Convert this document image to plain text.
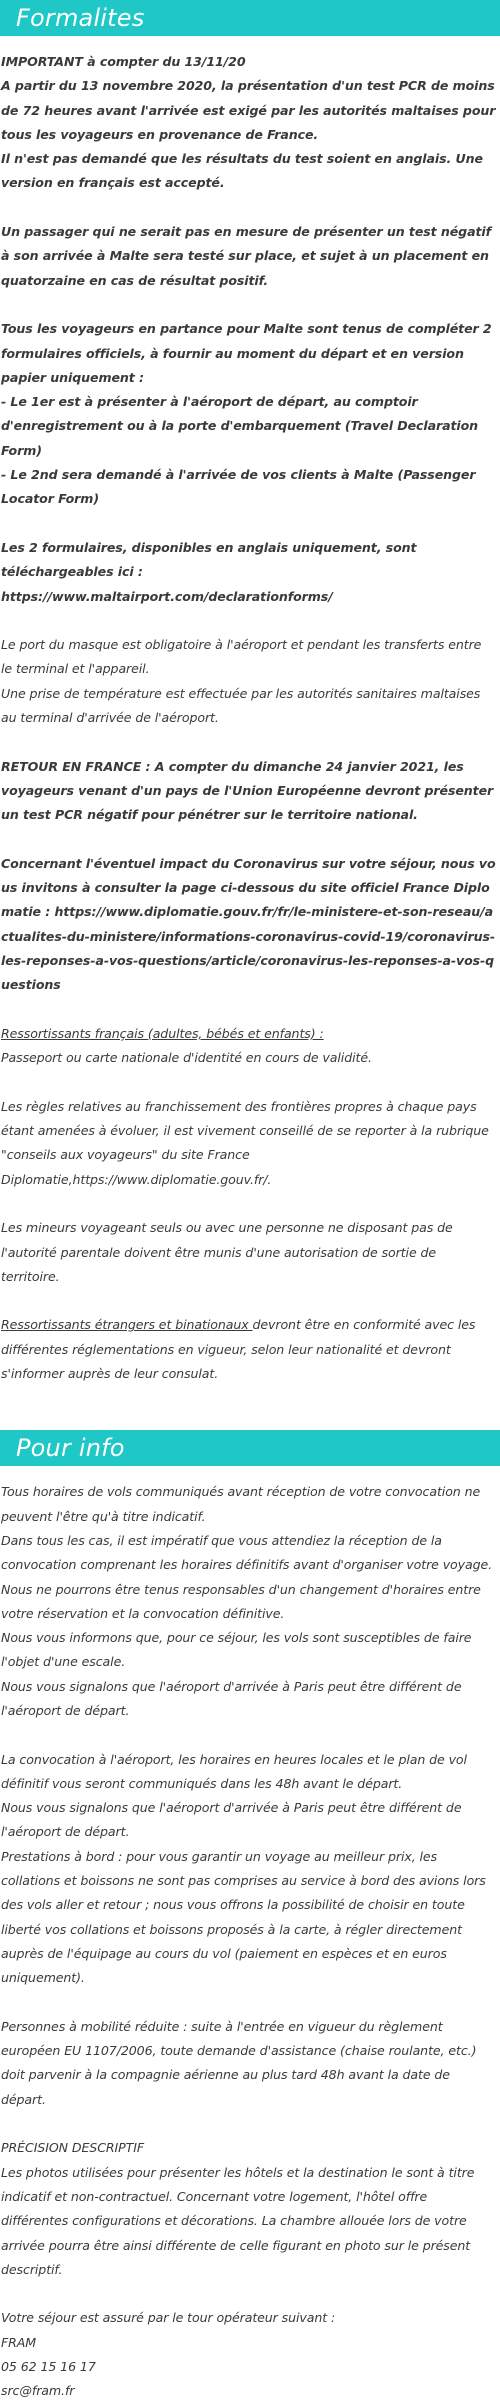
Formalites
IMPORTANT à compter du 13/11/20
A partir du 13 novembre 2020, la présentation d'un test PCR de moins de 72 heures avant l'arrivée est exigé par les autorités maltaises pour tous les voyageurs en provenance de France.
Il n'est pas demandé que les résultats du test soient en anglais. Une version en français est accepté.
Un passager qui ne serait pas en mesure de présenter un test négatif à son arrivée à Malte sera testé sur place, et sujet à un placement en quatorzaine en cas de résultat positif.
Tous les voyageurs en partance pour Malte sont tenus de compléter 2 formulaires officiels, à fournir au moment du départ et en version papier uniquement :
- Le 1er est à présenter à l'aéroport de départ, au comptoir d'enregistrement ou à la porte d'embarquement (Travel Declaration Form)
- Le 2nd sera demandé à l'arrivée de vos clients à Malte (Passenger Locator Form)
Les 2 formulaires, disponibles en anglais uniquement, sont téléchargeables ici :
https://www.maltairport.com/declarationforms/
Le port du masque est obligatoire à l'aéroport et pendant les transferts entre le terminal et l'appareil.
Une prise de température est effectuée par les autorités sanitaires maltaises au terminal d'arrivée de l'aéroport.
RETOUR EN FRANCE : A compter du dimanche 24 janvier 2021, les voyageurs venant d'un pays de l'Union Européenne devront présenter un test PCR négatif pour pénétrer sur le territoire national.
Concernant l'éventuel impact du Coronavirus sur votre séjour, nous vous invitons à consulter la page ci-dessous du site officiel France Diplomatie : https://www.diplomatie.gouv.fr/fr/le-ministere-et-son-reseau/actualites-du-ministere/informations-coronavirus-covid-19/coronavirus-les-reponses-a-vos-questions/article/coronavirus-les-reponses-a-vos-questions
Ressortissants français (adultes, bébés et enfants) :
Passeport ou carte nationale d'identité en cours de validité.
Les règles relatives au franchissement des frontières propres à chaque pays étant amenées à évoluer, il est vivement conseillé de se reporter à la rubrique "conseils aux voyageurs" du site France Diplomatie,https://www.diplomatie.gouv.fr/.
Les mineurs voyageant seuls ou avec une personne ne disposant pas de l'autorité parentale doivent être munis d'une autorisation de sortie de territoire.
Ressortissants étrangers et binationaux devront être en conformité avec les différentes réglementations en vigueur, selon leur nationalité et devront s'informer auprès de leur consulat.
Pour info
Tous horaires de vols communiqués avant réception de votre convocation ne peuvent l'être qu'à titre indicatif.
Dans tous les cas, il est impératif que vous attendiez la réception de la convocation comprenant les horaires définitifs avant d'organiser votre voyage.
Nous ne pourrons être tenus responsables d'un changement d'horaires entre votre réservation et la convocation définitive.
Nous vous informons que, pour ce séjour, les vols sont susceptibles de faire l'objet d'une escale.
Nous vous signalons que l'aéroport d'arrivée à Paris peut être différent de l'aéroport de départ.
La convocation à l'aéroport, les horaires en heures locales et le plan de vol définitif vous seront communiqués dans les 48h avant le départ.
Nous vous signalons que l'aéroport d'arrivée à Paris peut être différent de l'aéroport de départ.
Prestations à bord : pour vous garantir un voyage au meilleur prix, les collations et boissons ne sont pas comprises au service à bord des avions lors des vols aller et retour ; nous vous offrons la possibilité de choisir en toute liberté vos collations et boissons proposés à la carte, à régler directement auprès de l'équipage au cours du vol (paiement en espèces et en euros uniquement).
Personnes à mobilité réduite : suite à l'entrée en vigueur du règlement européen EU 1107/2006, toute demande d'assistance (chaise roulante, etc.) doit parvenir à la compagnie aérienne au plus tard 48h avant la date de départ.
PRÉCISION DESCRIPTIF
Les photos utilisées pour présenter les hôtels et la destination le sont à titre indicatif et non-contractuel. Concernant votre logement, l'hôtel offre différentes configurations et décorations. La chambre allouée lors de votre arrivée pourra être ainsi différente de celle figurant en photo sur le présent descriptif.
Votre séjour est assuré par le tour opérateur suivant :
FRAM
05 62 15 16 17
src@fram.fr
